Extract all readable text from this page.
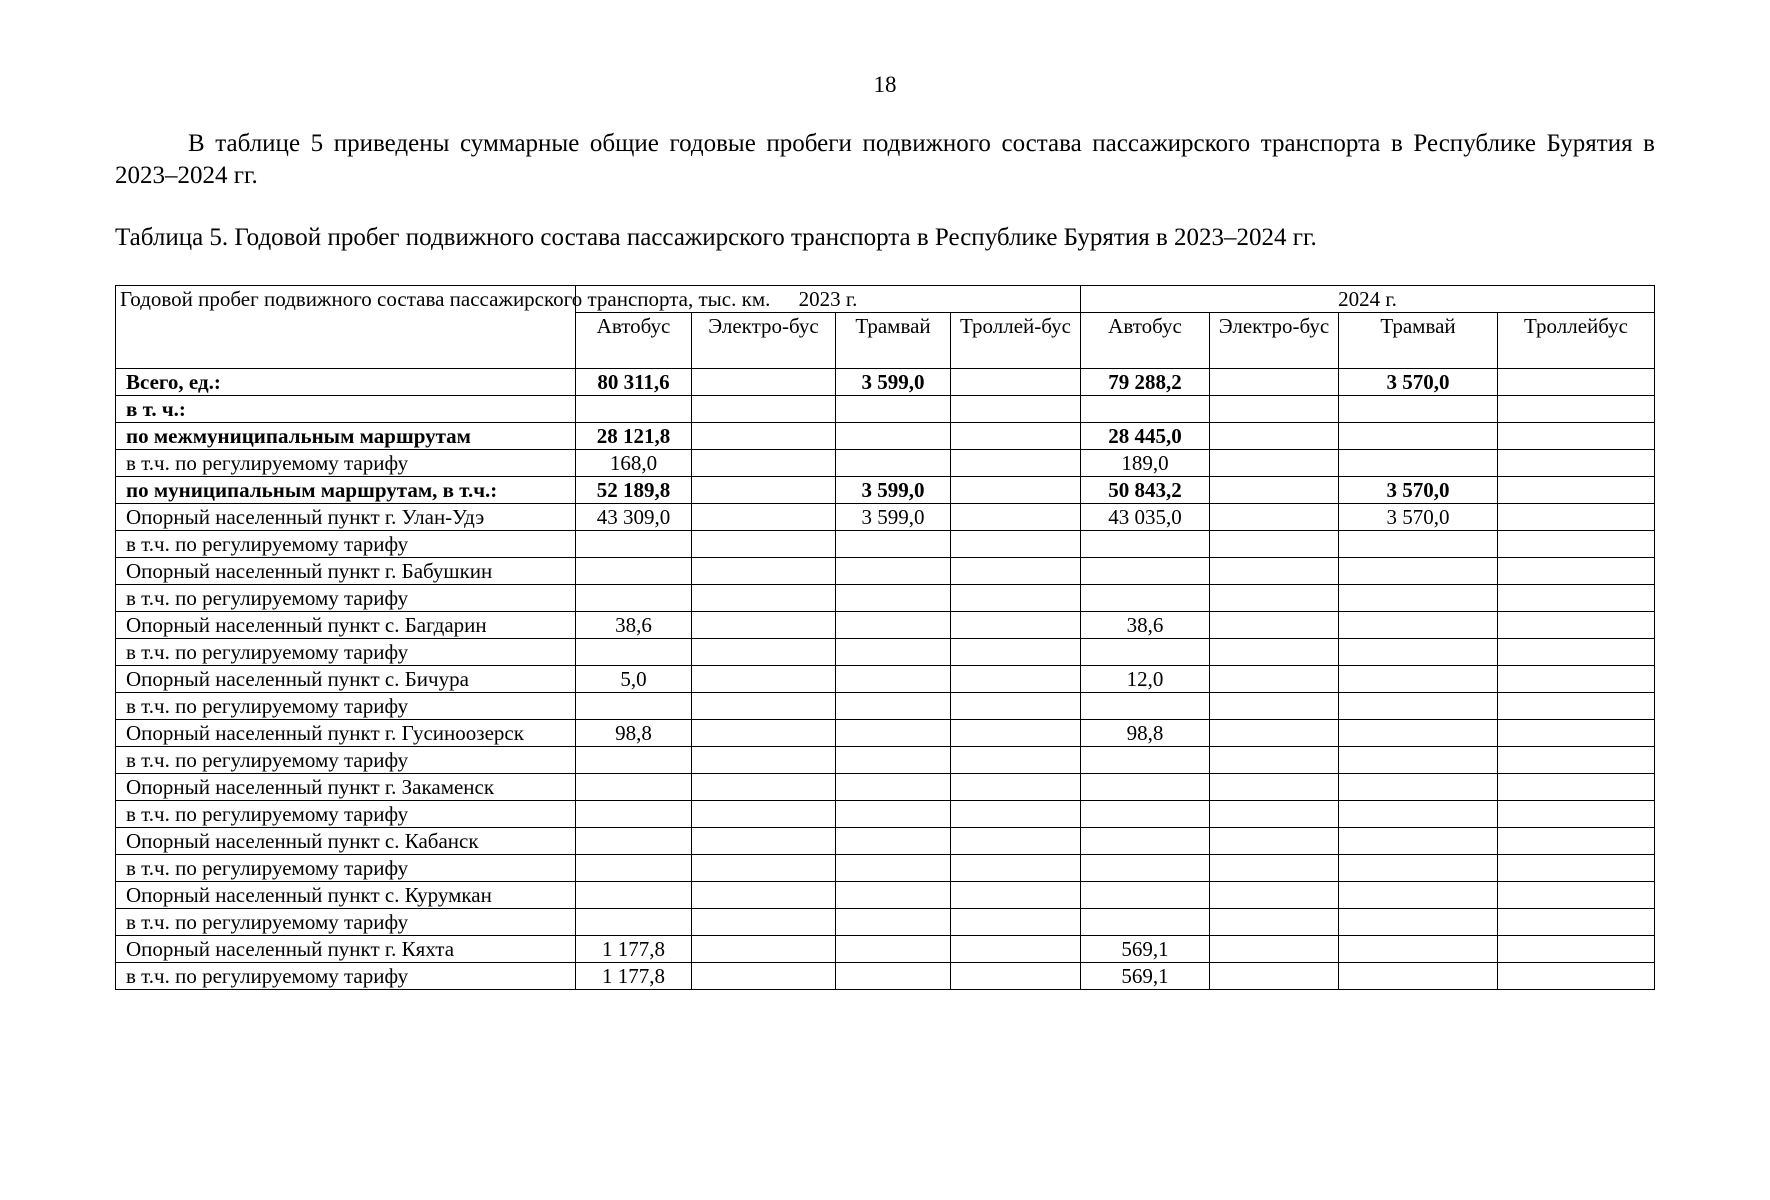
18

В таблице 5 приведены суммарные общие годовые пробеги подвижного состава пассажирского транспорта в Республике Бурятия в 2023–2024 гг.

Таблица 5. Годовой пробег подвижного состава пассажирского транспорта в Республике Бурятия в 2023–2024 гг.

Годовой пробег подвижного состава пассажирского транспорта, тыс. км.	2023 г.				2024 г.			
	Автобус	Электро-бус	Трамвай	Троллей-бус	Автобус	Электро-бус	Трамвай	Троллейбус
Всего, ед.:	80 311,6		3 599,0		79 288,2		3 570,0	
в т. ч.:								
по межмуниципальным маршрутам	28 121,8				28 445,0			
в т.ч. по регулируемому тарифу	168,0				189,0			
по муниципальным маршрутам, в т.ч.:	52 189,8		3 599,0		50 843,2		3 570,0	
Опорный населенный пункт г. Улан-Удэ	43 309,0		3 599,0		43 035,0		3 570,0	
в т.ч. по регулируемому тарифу								
Опорный населенный пункт г. Бабушкин								
в т.ч. по регулируемому тарифу								
Опорный населенный пункт с. Багдарин	38,6				38,6			
в т.ч. по регулируемому тарифу								
Опорный населенный пункт с. Бичура	5,0				12,0			
в т.ч. по регулируемому тарифу								
Опорный населенный пункт г. Гусиноозерск	98,8				98,8			
в т.ч. по регулируемому тарифу								
Опорный населенный пункт г. Закаменск								
в т.ч. по регулируемому тарифу								
Опорный населенный пункт с. Кабанск								
в т.ч. по регулируемому тарифу								
Опорный населенный пункт с. Курумкан								
в т.ч. по регулируемому тарифу								
Опорный населенный пункт г. Кяхта	1 177,8				569,1			
в т.ч. по регулируемому тарифу	1 177,8				569,1			
